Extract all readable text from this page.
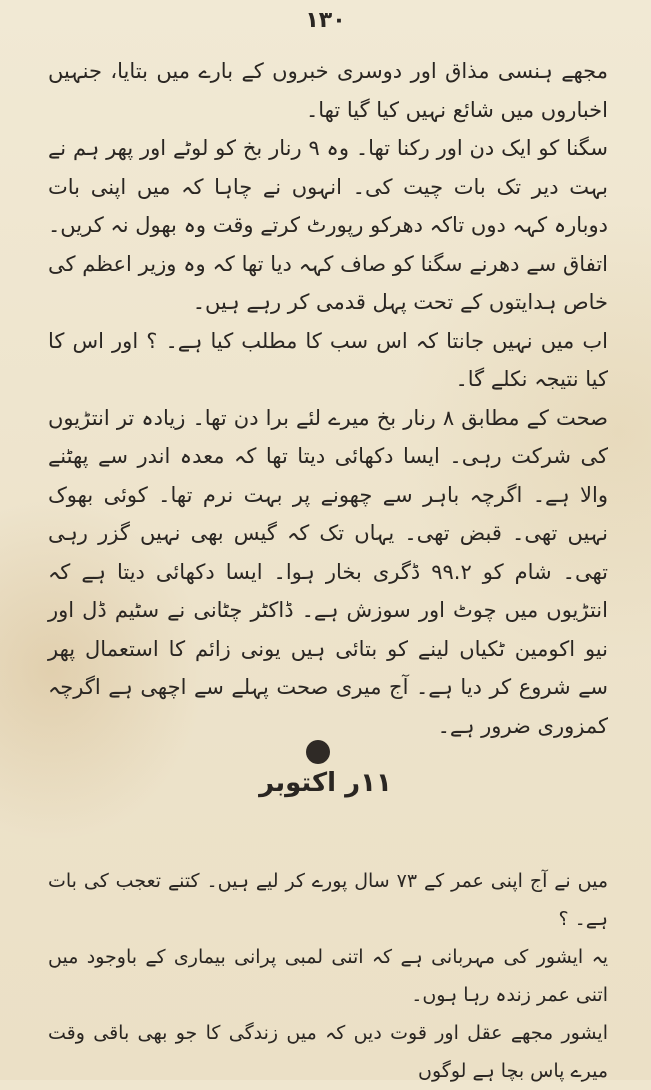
١٣٠

مجھے ہنسی مذاق اور دوسری خبروں کے بارے میں بتایا، جنہیں اخباروں میں شائع نہیں کیا گیا تھا۔

سگنا کو ایک دن اور رکنا تھا۔ وہ ۹ رنار بخ کو لوٹے اور پھر ہم نے بہت دیر تک بات چیت کی۔ انہوں نے چاہا کہ میں اپنی بات دوبارہ کہہ دوں تاکہ دھرکو رپورٹ کرتے وقت وہ بھول نہ کریں۔ اتفاق سے دھرنے سگنا کو صاف کہہ دیا تھا کہ وہ وزیر اعظم کی خاص ہدایتوں کے تحت پہل قدمی کر رہے ہیں۔

اب میں نہیں جانتا کہ اس سب کا مطلب کیا ہے۔ ؟ اور اس کا کیا نتیجہ نکلے گا۔

صحت کے مطابق ۸ رنار بخ میرے لئے برا دن تھا۔ زیادہ تر انتڑیوں کی شرکت رہی۔ ایسا دکھائی دیتا تھا کہ معدہ اندر سے پھٹنے والا ہے۔ اگرچہ باہر سے چھونے پر بہت نرم تھا۔ کوئی بھوک نہیں تھی۔ قبض تھی۔ یہاں تک کہ گیس بھی نہیں گزر رہی تھی۔ شام کو ۹۹.۲ ڈگری بخار ہوا۔ ایسا دکھائی دیتا ہے کہ انتڑیوں میں چوٹ اور سوزش ہے۔ ڈاکٹر چٹانی نے سٹیم ڈل اور نیو اکومین ٹکیاں لینے کو بتائی ہیں یونی زائم کا استعمال پھر سے شروع کر دیا ہے۔ آج میری صحت پہلے سے اچھی ہے اگرچہ کمزوری ضرور ہے۔

۱۱ر اکتوبر

میں نے آج اپنی عمر کے ۷۳ سال پورے کر لیے ہیں۔ کتنے تعجب کی بات ہے۔ ؟

یہ ایشور کی مہربانی ہے کہ اتنی لمبی پرانی بیماری کے باوجود میں اتنی عمر زندہ رہا ہوں۔

ایشور مجھے عقل اور قوت دیں کہ میں زندگی کا جو بھی باقی وقت میرے پاس بچا ہے لوگوں
